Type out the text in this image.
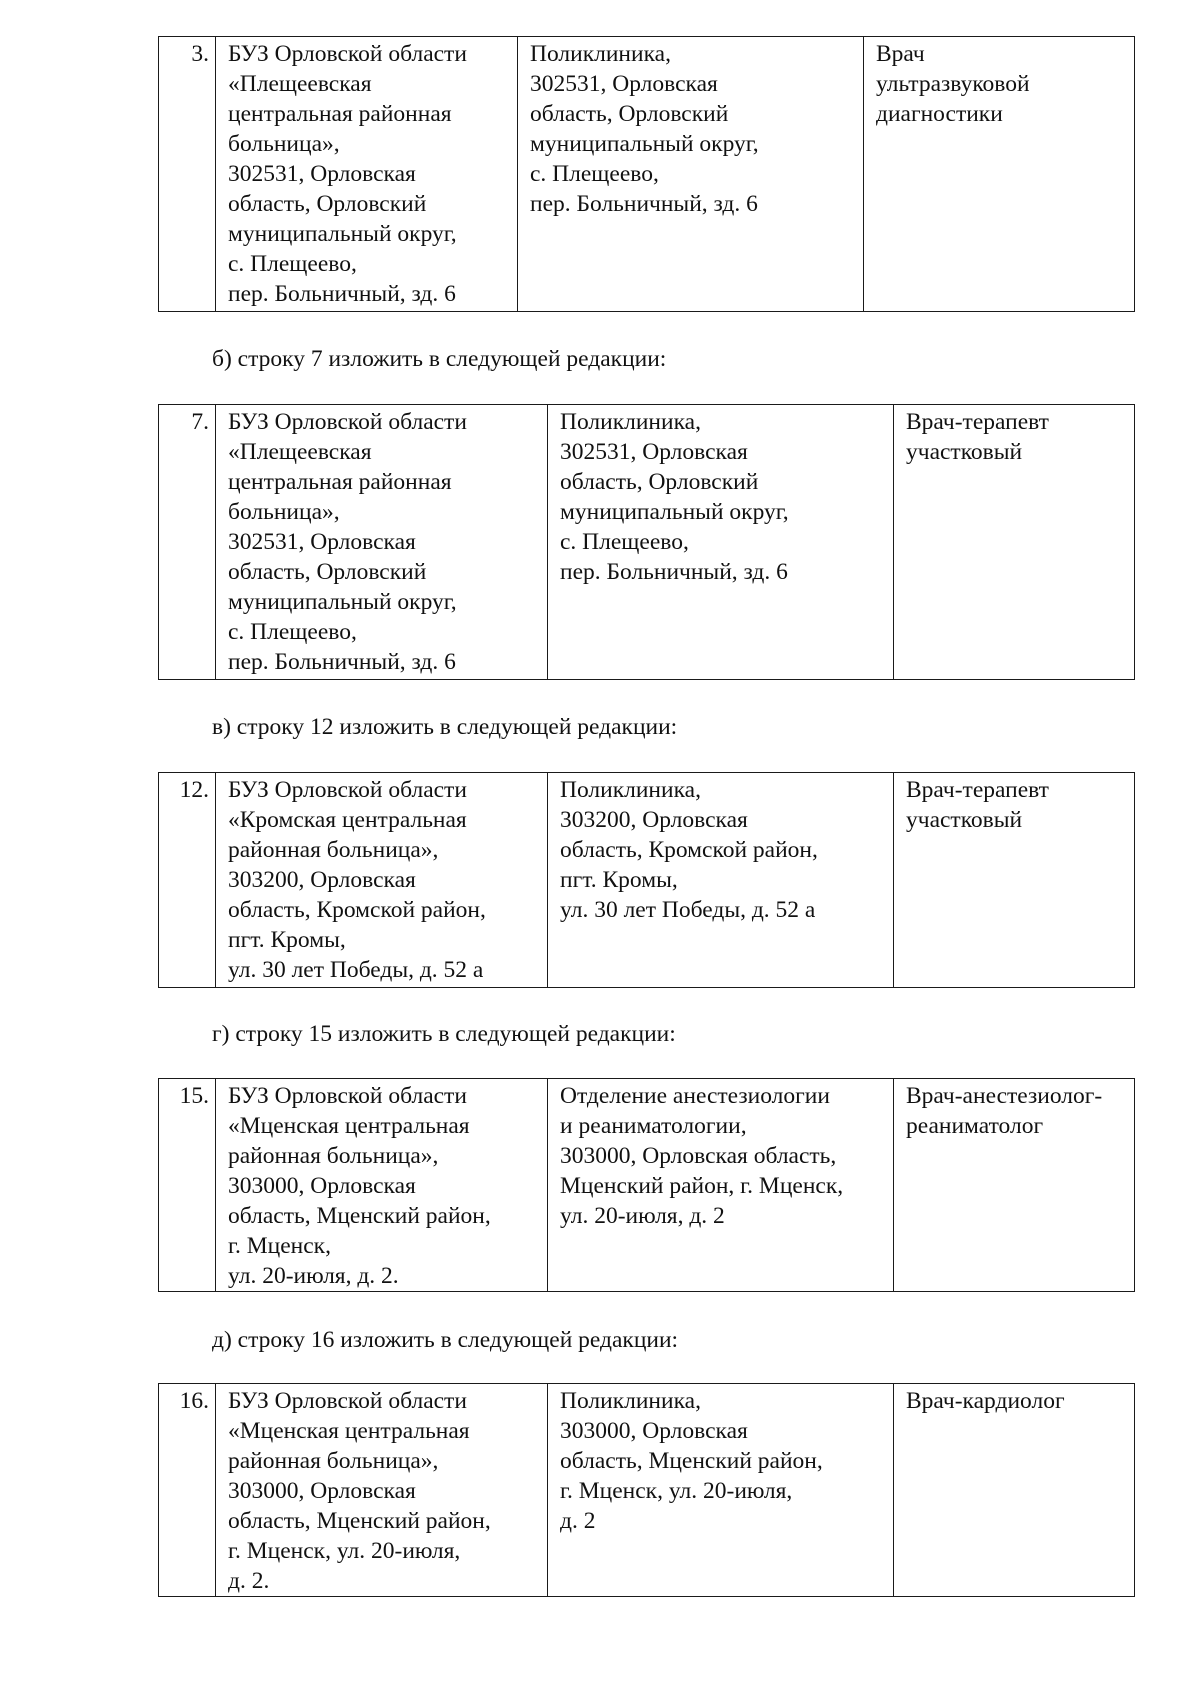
3.	БУЗ Орловской области
«Плещеевская
центральная районная
больница»,
302531, Орловская
область, Орловский
муниципальный округ,
с. Плещеево,
пер. Больничный, зд. 6	Поликлиника,
302531, Орловская
область, Орловский
муниципальный округ,
с. Плещеево,
пер. Больничный, зд. 6	Врач
ультразвуковой
диагностики
б) строку 7 изложить в следующей редакции:
7.	БУЗ Орловской области
«Плещеевская
центральная районная
больница»,
302531, Орловская
область, Орловский
муниципальный округ,
с. Плещеево,
пер. Больничный, зд. 6	Поликлиника,
302531, Орловская
область, Орловский
муниципальный округ,
с. Плещеево,
пер. Больничный, зд. 6	Врач-терапевт
участковый
в) строку 12 изложить в следующей редакции:
12.	БУЗ Орловской области
«Кромская центральная
районная больница»,
303200, Орловская
область, Кромской район,
пгт. Кромы,
ул. 30 лет Победы, д. 52 а	Поликлиника,
303200, Орловская
область, Кромской район,
пгт. Кромы,
ул. 30 лет Победы, д. 52 а	Врач-терапевт
участковый
г) строку 15 изложить в следующей редакции:
15.	БУЗ Орловской области
«Мценская центральная
районная больница»,
303000, Орловская
область, Мценский район,
г. Мценск,
ул. 20-июля, д. 2.	Отделение анестезиологии
и реаниматологии,
303000, Орловская область,
Мценский район, г. Мценск,
ул. 20-июля, д. 2	Врач-анестезиолог-
реаниматолог
д) строку 16 изложить в следующей редакции:
16.	БУЗ Орловской области
«Мценская центральная
районная больница»,
303000, Орловская
область, Мценский район,
г. Мценск, ул. 20-июля,
д. 2.	Поликлиника,
303000, Орловская
область, Мценский район,
г. Мценск, ул. 20-июля,
д. 2	Врач-кардиолог
